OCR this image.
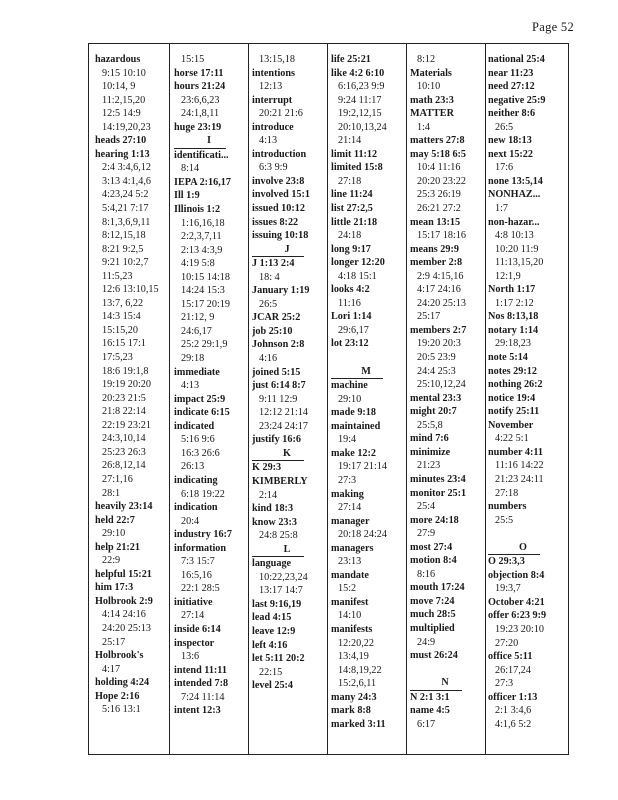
Page 52
hazardous
9:15 10:10
10:14, 9
11:2,15,20
12:5 14:9
14:19,20,23
heads 27:10
hearing 1:13
2:4 3:4,6,12
3:13 4:1,4,6
4:23,24 5:2
5:4,21 7:17
8:1,3,6,9,11
8:12,15,18
8:21 9:2,5
9:21 10:2,7
11:5,23
12:6 13:10,15
13:7, 6,22
14:3 15:4
15:15,20
16:15 17:1
17:5,23
18:6 19:1,8
19:19 20:20
20:23 21:5
21:8 22:14
22:19 23:21
24:3,10,14
25:23 26:3
26:8,12,14
27:1,16
28:1
heavily 23:14
held 22:7
29:10
help 21:21
22:9
helpful 15:21
him 17:3
Holbrook 2:9
4:14 24:16
24:20 25:13
25:17
Holbrook's
4:17
holding 4:24
Hope 2:16
5:16 13:1
15:15
horse 17:11
hours 21:24
23:6,6,23
24:1,8,11
huge 23:19
I
identificati...
8:14
IEPA 2:16,17
Ill 1:9
Illinois 1:2
1:16,16,18
2:2,3,7,11
2:13 4:3,9
4:19 5:8
10:15 14:18
14:24 15:3
15:17 20:19
21:12, 9
24:6,17
25:2 29:1,9
29:18
immediate
4:13
impact 25:9
indicate 6:15
indicated
5:16 9:6
16:3 26:6
26:13
indicating
6:18 19:22
indication
20:4
industry 16:7
information
7:3 15:7
16:5,16
22:1 28:5
initiative
27:14
inside 6:14
inspector
13:6
intend 11:11
intended 7:8
7:24 11:14
intent 12:3
13:15,18
intentions
12:13
interrupt
20:21 21:6
introduce
4:13
introduction
6:3 9:9
involve 23:8
involved 15:1
issued 10:12
issues 8:22
issuing 10:18
J
J 1:13 2:4
18: 4
January 1:19
26:5
JCAR 25:2
job 25:10
Johnson 2:8
4:16
joined 5:15
just 6:14 8:7
9:11 12:9
12:12 21:14
23:24 24:17
justify 16:6
K
K 29:3
KIMBERLY
2:14
kind 18:3
know 23:3
24:8 25:8
L
language
10:22,23,24
13:17 14:7
last 9:16,19
lead 4:15
leave 12:9
left 4:16
let 5:11 20:2
22:15
level 25:4
life 25:21
like 4:2 6:10
6:16,23 9:9
9:24 11:17
19:2,12,15
20:10,13,24
21:14
limit 11:12
limited 15:8
27:18
line 11:24
list 27:2,5
little 21:18
24:18
long 9:17
longer 12:20
4:18 15:1
looks 4:2
11:16
Lori 1:14
29:6,17
lot 23:12
M
machine
29:10
made 9:18
maintained
19:4
make 12:2
19:17 21:14
27:3
making
27:14
manager
20:18 24:24
managers
23:13
mandate
15:2
manifest
14:10
manifests
12:20,22
13:4,19
14:8,19,22
15:2,6,11
many 24:3
mark 8:8
marked 3:11
8:12
Materials
10:10
math 23:3
MATTER
1:4
matters 27:8
may 5:18 6:5
10:4 11:16
20:20 23:22
25:3 26:19
26:21 27:2
mean 13:15
15:17 18:16
means 29:9
member 2:8
2:9 4:15,16
4:17 24:16
24:20 25:13
25:17
members 2:7
19:20 20:3
20:5 23:9
24:4 25:3
25:10,12,24
mental 23:3
might 20:7
25:5,8
mind 7:6
minimize
21:23
minutes 23:4
monitor 25:1
25:4
more 24:18
27:9
most 27:4
motion 8:4
8:16
mouth 17:24
move 7:24
much 28:5
multiplied
24:9
must 26:24
N
N 2:1 3:1
name 4:5
6:17
national 25:4
near 11:23
need 27:12
negative 25:9
neither 8:6
26:5
new 18:13
next 15:22
17:6
none 13:5,14
NONHAZ...
1:7
non-hazar...
4:8 10:13
10:20 11:9
11:13,15,20
12:1,9
North 1:17
1:17 2:12
Nos 8:13,18
notary 1:14
29:18,23
note 5:14
notes 29:12
nothing 26:2
notice 19:4
notify 25:11
November
4:22 5:1
number 4:11
11:16 14:22
21:23 24:11
27:18
numbers
25:5
O
O 29:3,3
objection 8:4
19:3,7
October 4:21
offer 6:23 9:9
19:23 20:10
27:20
office 5:11
26:17,24
27:3
officer 1:13
2:1 3:4,6
4:1,6 5:2
